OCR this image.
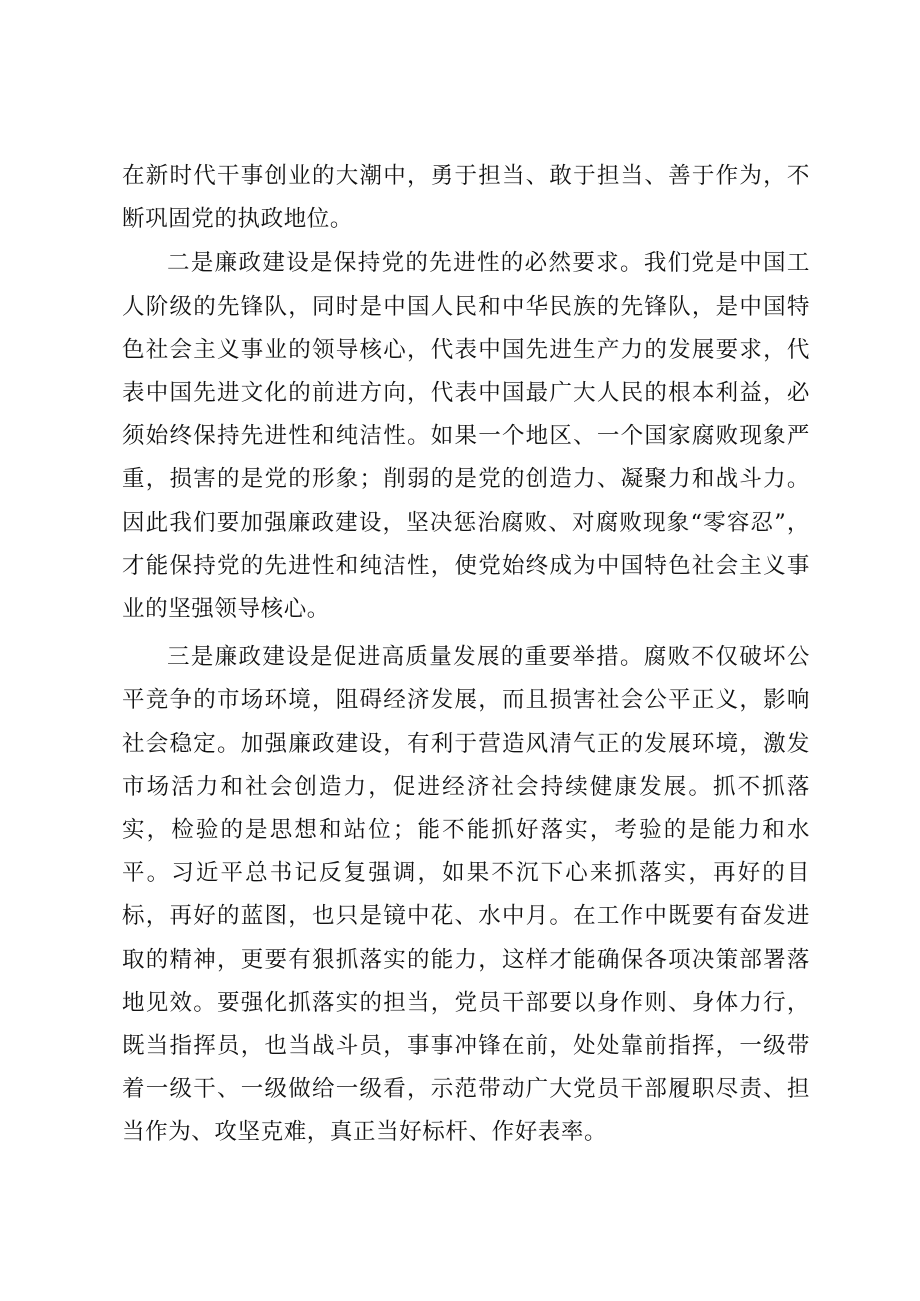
在新时代干事创业的大潮中，勇于担当、敢于担当、善于作为，不断巩固党的执政地位。

二是廉政建设是保持党的先进性的必然要求。我们党是中国工人阶级的先锋队，同时是中国人民和中华民族的先锋队，是中国特色社会主义事业的领导核心，代表中国先进生产力的发展要求，代表中国先进文化的前进方向，代表中国最广大人民的根本利益，必须始终保持先进性和纯洁性。如果一个地区、一个国家腐败现象严重，损害的是党的形象；削弱的是党的创造力、凝聚力和战斗力。因此我们要加强廉政建设，坚决惩治腐败、对腐败现象“零容忍”，才能保持党的先进性和纯洁性，使党始终成为中国特色社会主义事业的坚强领导核心。

三是廉政建设是促进高质量发展的重要举措。腐败不仅破坏公平竞争的市场环境，阻碍经济发展，而且损害社会公平正义，影响社会稳定。加强廉政建设，有利于营造风清气正的发展环境，激发市场活力和社会创造力，促进经济社会持续健康发展。抓不抓落实，检验的是思想和站位；能不能抓好落实，考验的是能力和水平。习近平总书记反复强调，如果不沉下心来抓落实，再好的目标，再好的蓝图，也只是镜中花、水中月。在工作中既要有奋发进取的精神，更要有狠抓落实的能力，这样才能确保各项决策部署落地见效。要强化抓落实的担当，党员干部要以身作则、身体力行，既当指挥员，也当战斗员，事事冲锋在前，处处靠前指挥，一级带着一级干、一级做给一级看，示范带动广大党员干部履职尽责、担当作为、攻坚克难，真正当好标杆、作好表率。
